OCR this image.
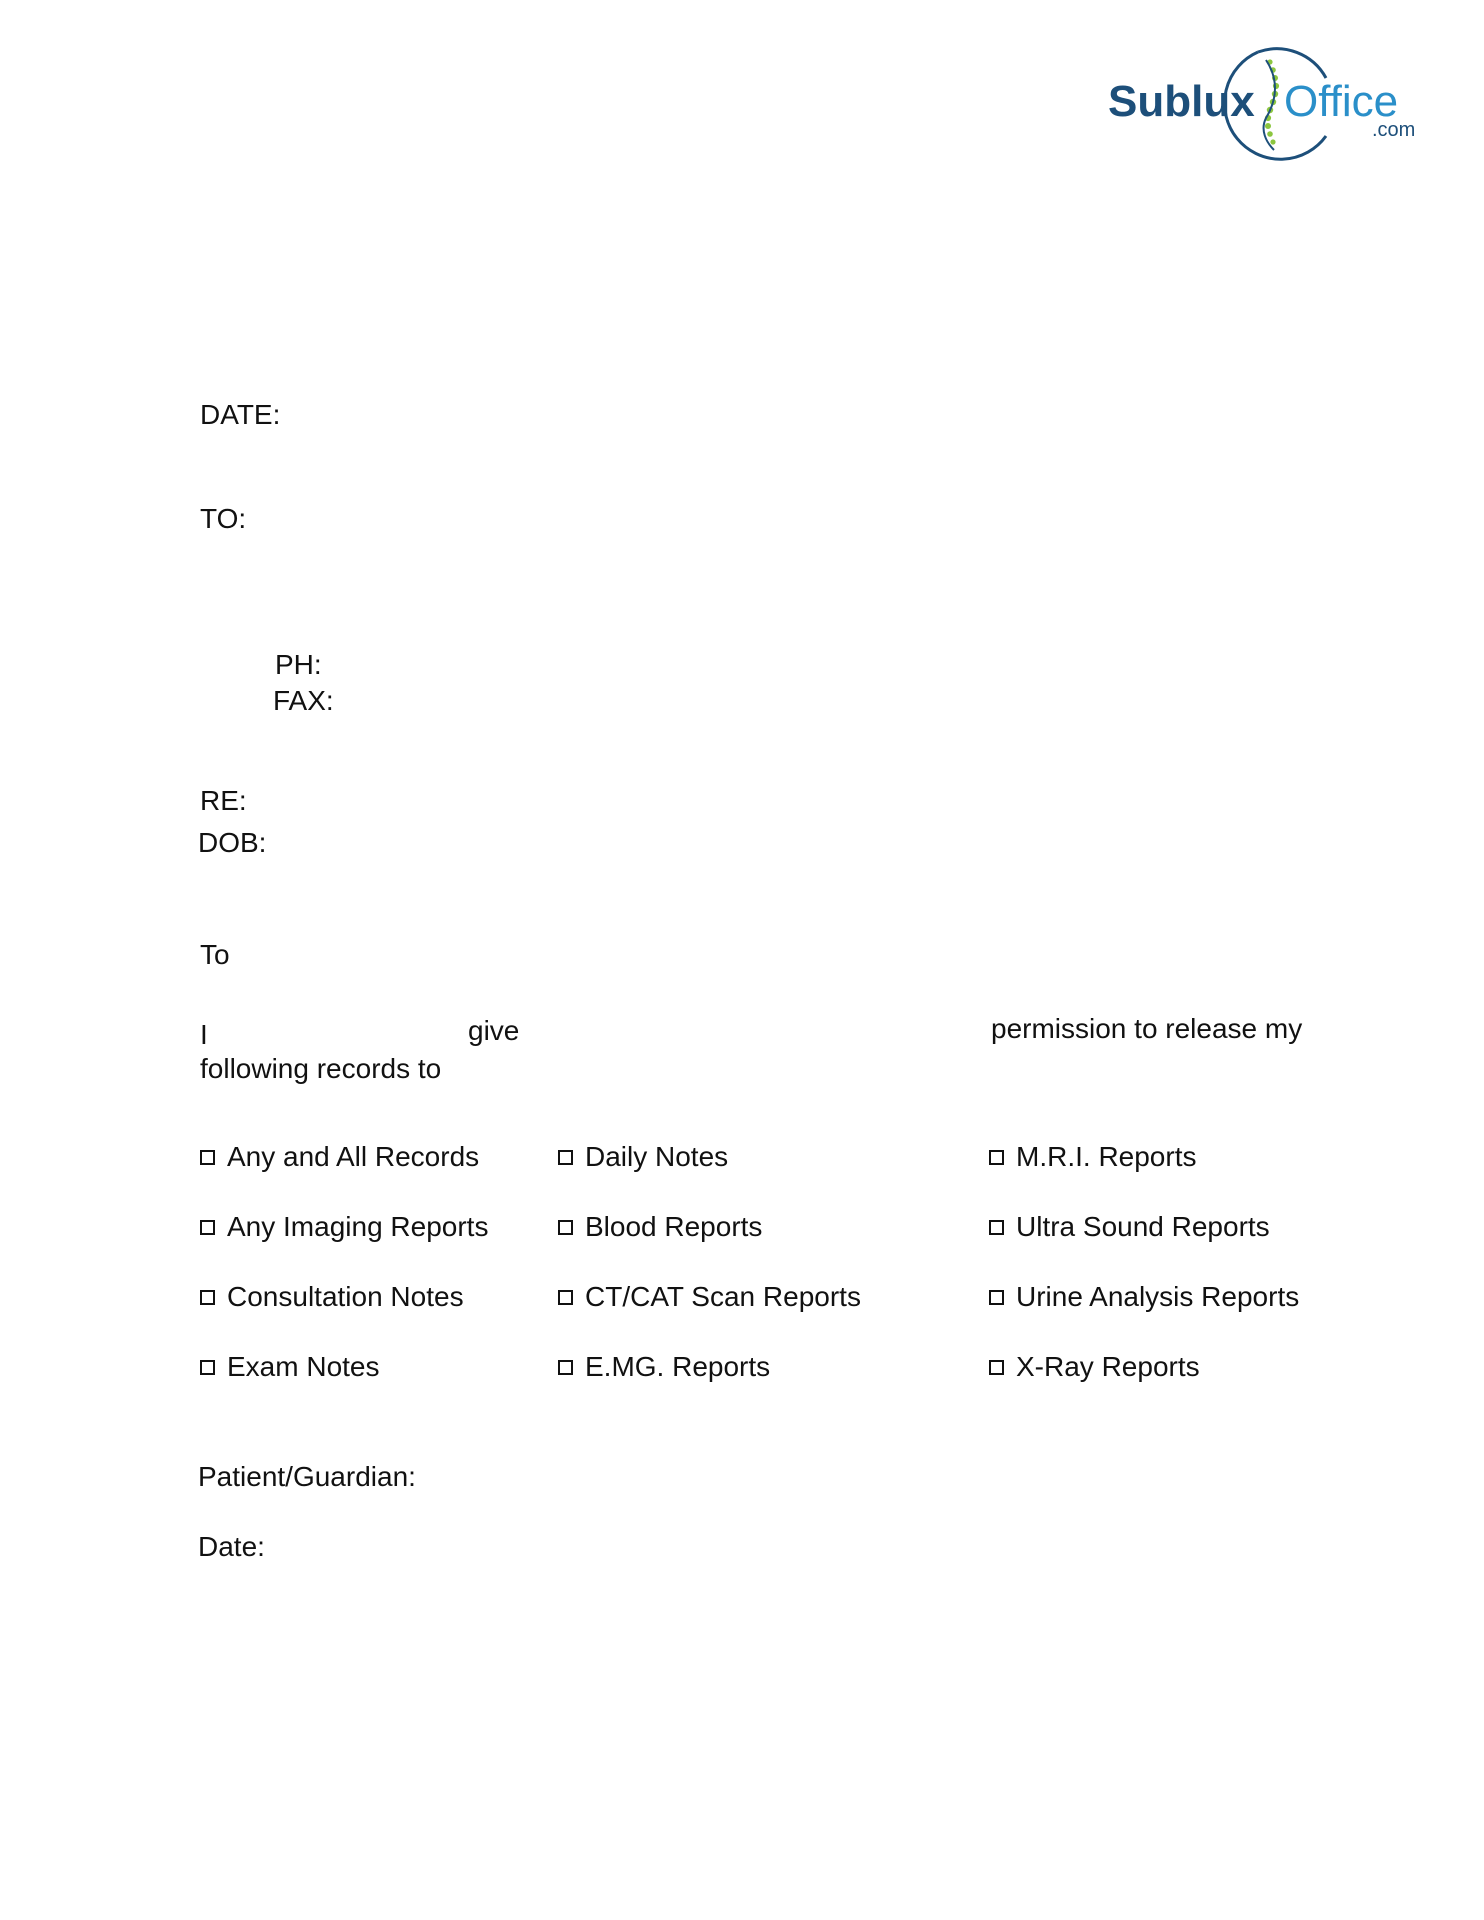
Sublux Office
.com
DATE:
TO:
PH:
FAX:
RE:
DOB:
To
I	give	permission to release my
following records to
Any and All Records
Any Imaging Reports
Consultation Notes
Exam Notes
Daily Notes
Blood Reports
CT/CAT Scan Reports
E.MG. Reports
M.R.I. Reports
Ultra Sound Reports
Urine Analysis Reports
X-Ray Reports
Patient/Guardian:
Date:
